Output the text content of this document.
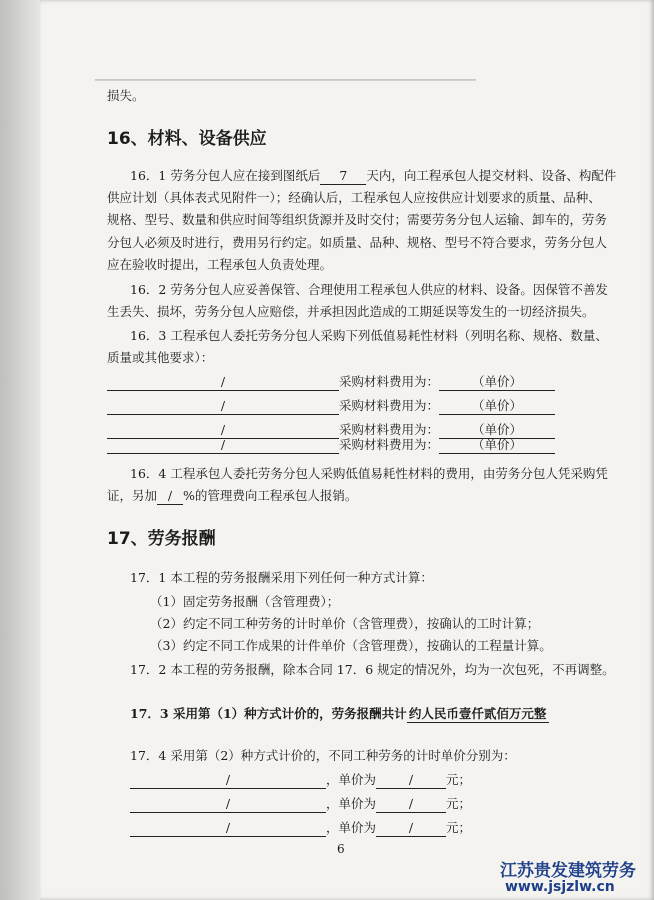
▁▁▁▁▁▁▁▁▁▁▁▁▁▁▁▁▁▁▁▁▁▁▁▁▁▁▁▁▁▁▁▁▁▁▁▁▁▁▁▁▁▁▁▁▁
损失。
16、材料、设备供应
16．1 劳务分包人应在接到图纸后 7 天内，向工程承包人提交材料、设备、构配件
供应计划（具体表式见附件一）；经确认后，工程承包人应按供应计划要求的质量、品种、
规格、型号、数量和供应时间等组织货源并及时交付；需要劳务分包人运输、卸车的，劳务
分包人必须及时进行，费用另行约定。如质量、品种、规格、型号不符合要求，劳务分包人
应在验收时提出，工程承包人负责处理。
16．2 劳务分包人应妥善保管、合理使用工程承包人供应的材料、设备。因保管不善发
生丢失、损坏，劳务分包人应赔偿，并承担因此造成的工期延误等发生的一切经济损失。
16．3 工程承包人委托劳务分包人采购下列低值易耗性材料（列明名称、规格、数量、
质量或其他要求）：
/	采购材料费用为：	（单价）
/	采购材料费用为：	（单价）
/	采购材料费用为：	（单价）
/	采购材料费用为：	（单价）
16．4 工程承包人委托劳务分包人采购低值易耗性材料的费用，由劳务分包人凭采购凭
证，另加 / %的管理费向工程承包人报销。
17、劳务报酬
17．1 本工程的劳务报酬采用下列任何一种方式计算：
（1）固定劳务报酬（含管理费）；
（2）约定不同工种劳务的计时单价（含管理费），按确认的工时计算；
（3）约定不同工作成果的计件单价（含管理费），按确认的工程量计算。
17．2 本工程的劳务报酬，除本合同 17．6 规定的情况外，均为一次包死，不再调整。
17．3 采用第（1）种方式计价的，劳务报酬共计 约人民币壹仟贰佰万元整
17．4 采用第（2）种方式计价的，不同工种劳务的计时单价分别为：
/	，单价为	/	元；
/	，单价为	/	元；
/	，单价为	/	元；
6
江苏贵发建筑劳务
www.jsjzlw.cn
